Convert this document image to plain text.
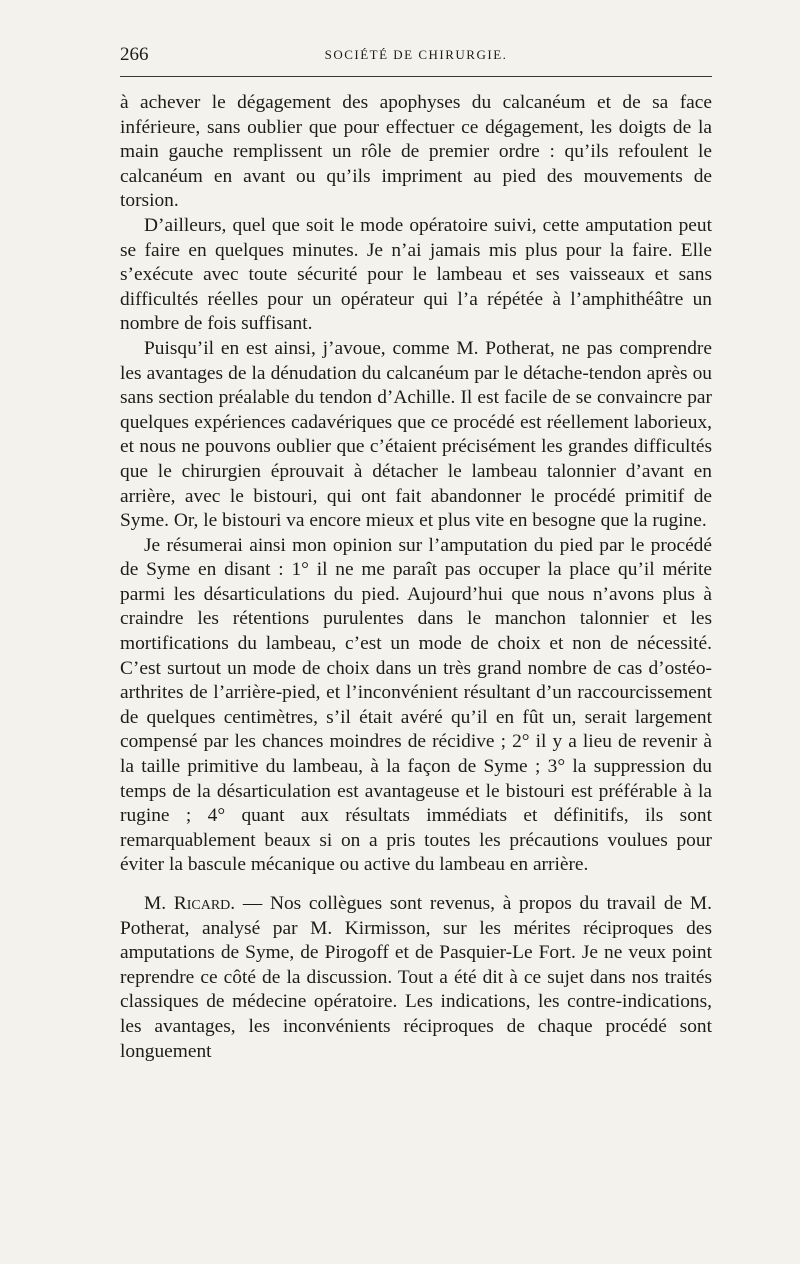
266	SOCIÉTÉ DE CHIRURGIE.

à achever le dégagement des apophyses du calcanéum et de sa face inférieure, sans oublier que pour effectuer ce dégagement, les doigts de la main gauche remplissent un rôle de premier ordre : qu’ils refoulent le calcanéum en avant ou qu’ils impriment au pied des mouvements de torsion.

D’ailleurs, quel que soit le mode opératoire suivi, cette amputation peut se faire en quelques minutes. Je n’ai jamais mis plus pour la faire. Elle s’exécute avec toute sécurité pour le lambeau et ses vaisseaux et sans difficultés réelles pour un opérateur qui l’a répétée à l’amphithéâtre un nombre de fois suffisant.

Puisqu’il en est ainsi, j’avoue, comme M. Potherat, ne pas comprendre les avantages de la dénudation du calcanéum par le détache-tendon après ou sans section préalable du tendon d’Achille. Il est facile de se convaincre par quelques expériences cadavériques que ce procédé est réellement laborieux, et nous ne pouvons oublier que c’étaient précisément les grandes difficultés que le chirurgien éprouvait à détacher le lambeau talonnier d’avant en arrière, avec le bistouri, qui ont fait abandonner le procédé primitif de Syme. Or, le bistouri va encore mieux et plus vite en besogne que la rugine.

Je résumerai ainsi mon opinion sur l’amputation du pied par le procédé de Syme en disant : 1° il ne me paraît pas occuper la place qu’il mérite parmi les désarticulations du pied. Aujourd’hui que nous n’avons plus à craindre les rétentions purulentes dans le manchon talonnier et les mortifications du lambeau, c’est un mode de choix et non de nécessité. C’est surtout un mode de choix dans un très grand nombre de cas d’ostéo-arthrites de l’arrière-pied, et l’inconvénient résultant d’un raccourcissement de quelques centimètres, s’il était avéré qu’il en fût un, serait largement compensé par les chances moindres de récidive ; 2° il y a lieu de revenir à la taille primitive du lambeau, à la façon de Syme ; 3° la suppression du temps de la désarticulation est avantageuse et le bistouri est préférable à la rugine ; 4° quant aux résultats immédiats et définitifs, ils sont remarquablement beaux si on a pris toutes les précautions voulues pour éviter la bascule mécanique ou active du lambeau en arrière.

M. Ricard. — Nos collègues sont revenus, à propos du travail de M. Potherat, analysé par M. Kirmisson, sur les mérites réciproques des amputations de Syme, de Pirogoff et de Pasquier-Le Fort. Je ne veux point reprendre ce côté de la discussion. Tout a été dit à ce sujet dans nos traités classiques de médecine opératoire. Les indications, les contre-indications, les avantages, les inconvénients réciproques de chaque procédé sont longuement
